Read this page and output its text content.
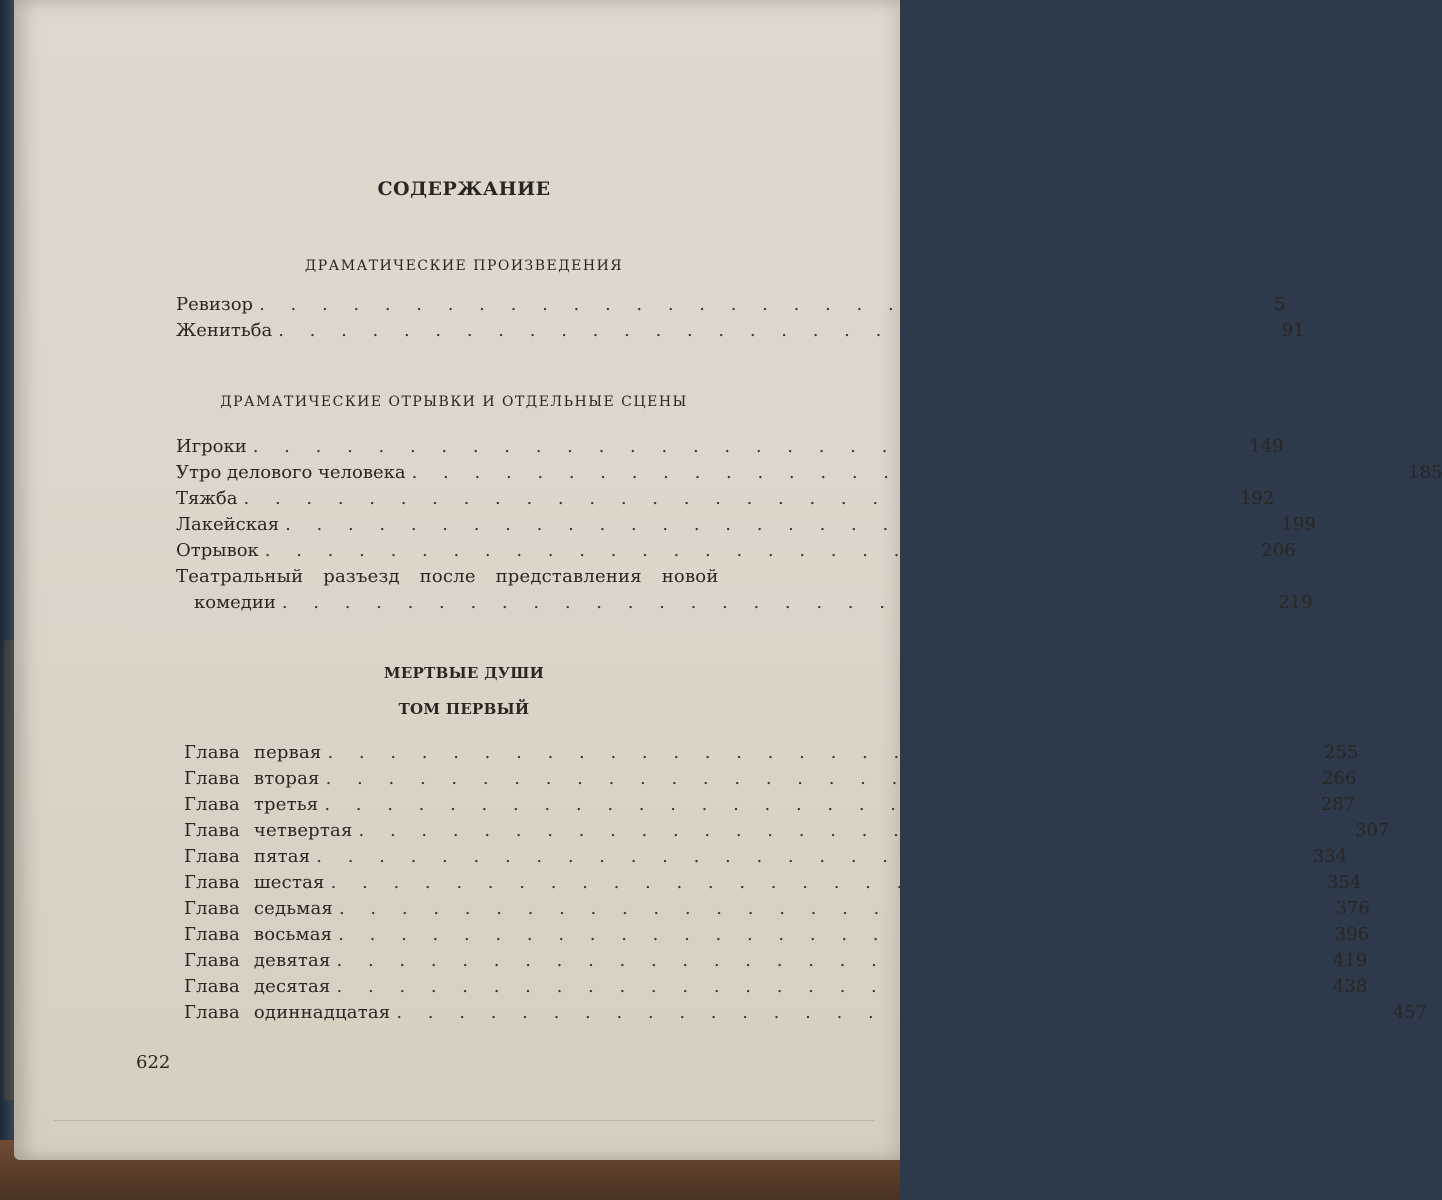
СОДЕРЖАНИЕ
ДРАМАТИЧЕСКИЕ ПРОИЗВЕДЕНИЯ
Ревизор . . . . . . . . . . . . . . . . . . . . . . . . . . . . . . . .	5
Женитьба . . . . . . . . . . . . . . . . . . . . . . . . . . . . . . . . 91
ДРАМАТИЧЕСКИЕ ОТРЫВКИ И ОТДЕЛЬНЫЕ СЦЕНЫ
Игроки . . . . . . . . . . . . . . . . . . . . . . . . . . . . . . . . 149
Утро делового человека . . . . . . . . . . . . . . . . . . . . . . . . . . . . . . . . 185
Тяжба . . . . . . . . . . . . . . . . . . . . . . . . . . . . . . . . 192
Лакейская . . . . . . . . . . . . . . . . . . . . . . . . . . . . . . . . 199
Отрывок . . . . . . . . . . . . . . . . . . . . . . . . . . . . . . . . 206
Театральный разъезд после представления новой
комедии . . . . . . . . . . . . . . . . . . . . . . . . . . . . . . . . 219
МЕРТВЫЕ ДУШИ
ТОМ ПЕРВЫЙ
Глава первая . . . . . . . . . . . . . . . . . . . . . . . . . . . . . . . . 255
Глава вторая . . . . . . . . . . . . . . . . . . . . . . . . . . . . . . . . 266
Глава третья . . . . . . . . . . . . . . . . . . . . . . . . . . . . . . . . 287
Глава четвертая . . . . . . . . . . . . . . . . . . . . . . . . . . . . . . . . 307
Глава пятая . . . . . . . . . . . . . . . . . . . . . . . . . . . . . . . . 334
Глава шестая . . . . . . . . . . . . . . . . . . . . . . . . . . . . . . . . 354
Глава седьмая . . . . . . . . . . . . . . . . . . . . . . . . . . . . . . . . 376
Глава восьмая . . . . . . . . . . . . . . . . . . . . . . . . . . . . . . . . 396
Глава девятая . . . . . . . . . . . . . . . . . . . . . . . . . . . . . . . . 419
Глава десятая . . . . . . . . . . . . . . . . . . . . . . . . . . . . . . . . 438
Глава одиннадцатая . . . . . . . . . . . . . . . . . . . . . . . . . . . . . . . . 457
622
